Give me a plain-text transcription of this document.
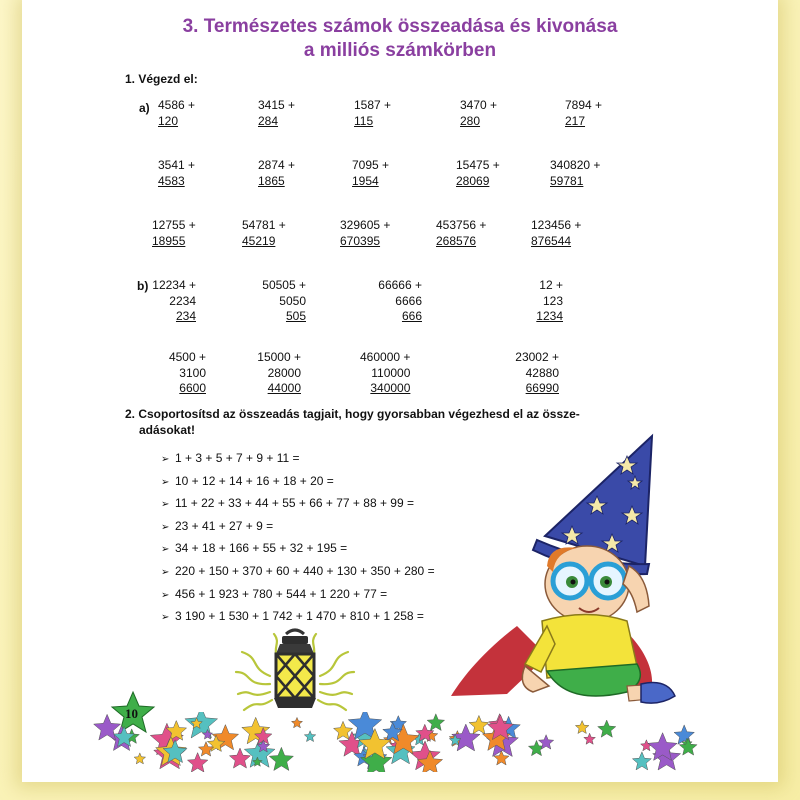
3. Természetes számok összeadása és kivonása
a milliós számkörben
1. Végezd el:
a)
b)
4586 +
120
3415 +
284
1587 +
115
3470 +
280
7894 +
217
3541 +
4583
2874 +
1865
7095 +
1954
15475 +
28069
340820 +
59781
12755 +
18955
54781 +
45219
329605 +
670395
453756 +
268576
123456 +
876544
12234 +
2234
234
50505 +
5050
505
66666 +
6666
666
12 +
123
1234
4500 +
3100
6600
15000 +
28000
44000
460000 +
110000
340000
23002 +
42880
66990
2. Csoportosítsd az összeadás tagjait, hogy gyorsabban végezhesd el az össze-
adásokat!
➢ 1 + 3 + 5 + 7 + 9 + 11 =
➢ 10 + 12 + 14 + 16 + 18 + 20 =
➢ 11 + 22 + 33 + 44 + 55 + 66 + 77 + 88 + 99 =
➢ 23 + 41 + 27 + 9 =
➢ 34 + 18 + 166 + 55 + 32 + 195 =
➢ 220 + 150 + 370 + 60 + 440 + 130 + 350 + 280 =
➢ 456 + 1 923 + 780 + 544 + 1 220 + 77 =
➢ 3 190 + 1 530 + 1 742 + 1 470 + 810 + 1 258 =
10
